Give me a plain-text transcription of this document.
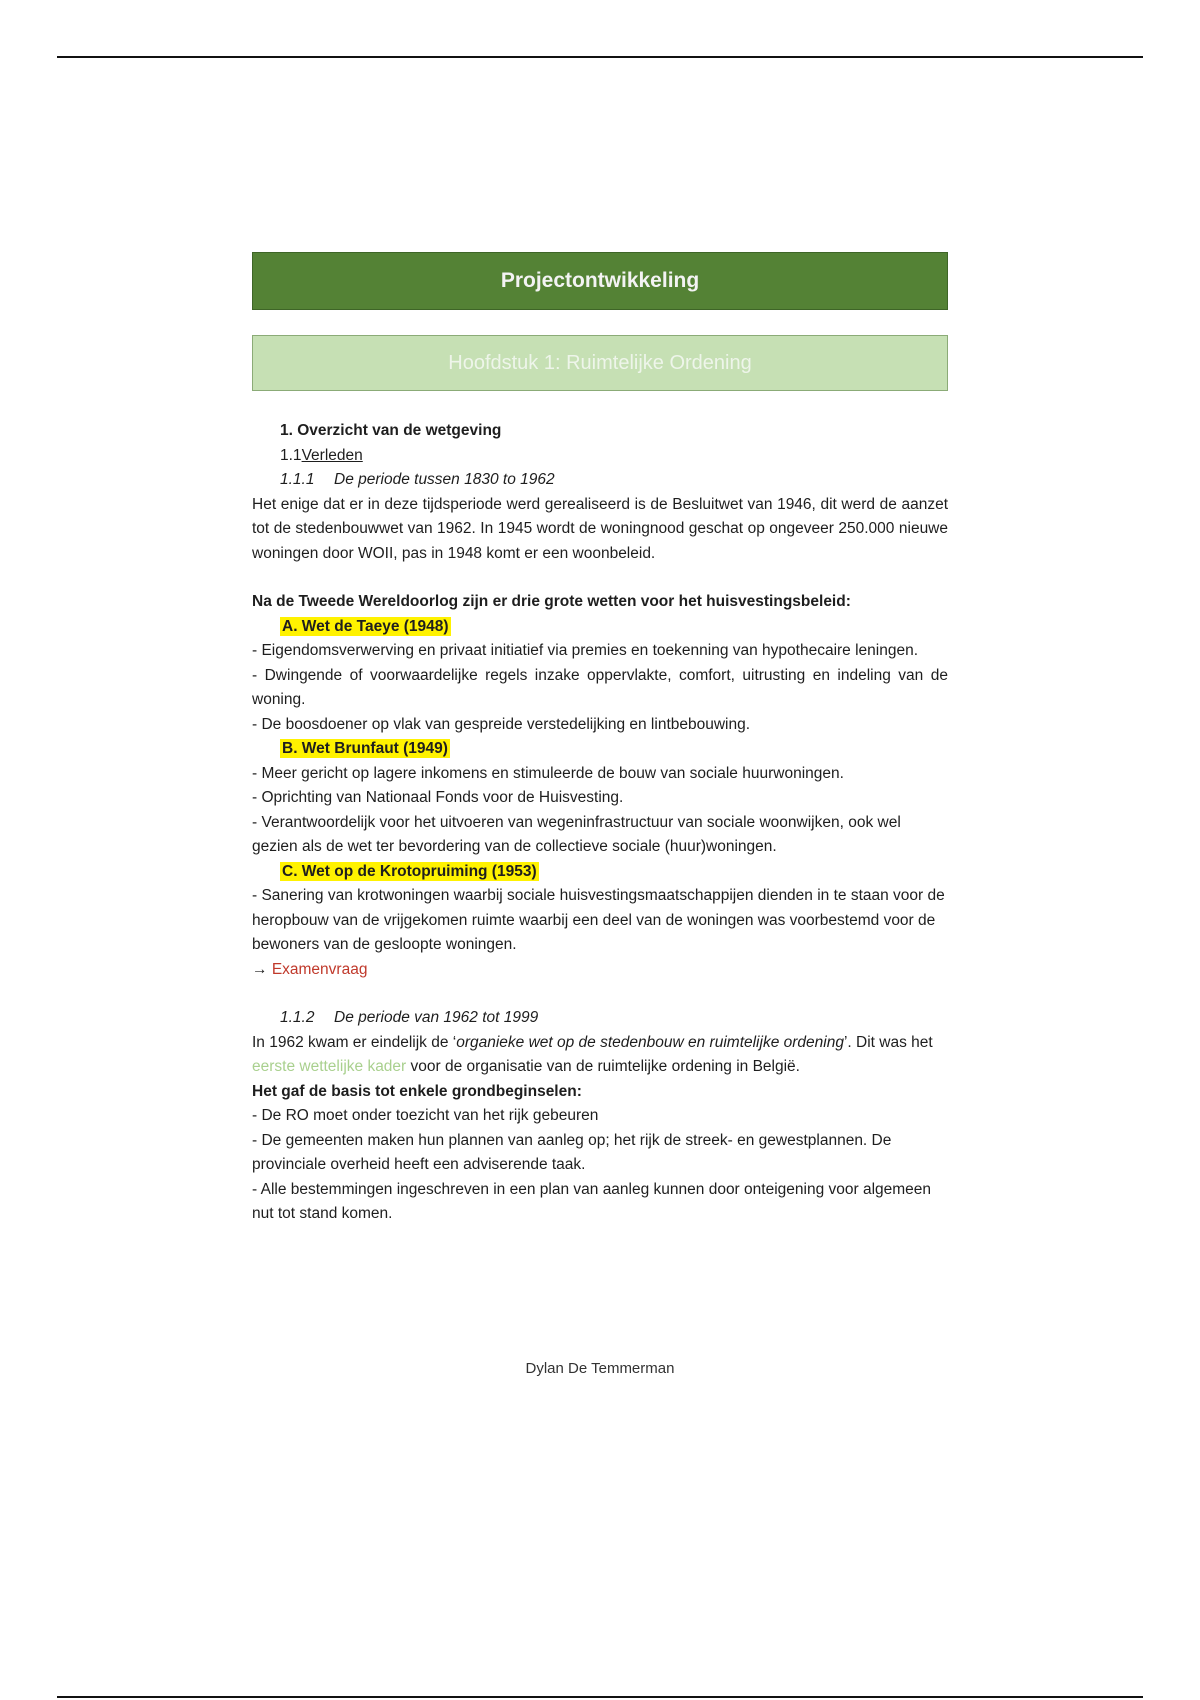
Projectontwikkeling
Hoofdstuk 1: Ruimtelijke Ordening
1. Overzicht van de wetgeving
1.1Verleden
1.1.1 De periode tussen 1830 to 1962

Het enige dat er in deze tijdsperiode werd gerealiseerd is de Besluitwet van 1946, dit werd de aanzet tot de stedenbouwwet van 1962. In 1945 wordt de woningnood geschat op ongeveer 250.000 nieuwe woningen door WOII, pas in 1948 komt er een woonbeleid.

Na de Tweede Wereldoorlog zijn er drie grote wetten voor het huisvestingsbeleid:

A. Wet de Taeye (1948)

- Eigendomsverwerving en privaat initiatief via premies en toekenning van hypothecaire leningen.

- Dwingende of voorwaardelijke regels inzake oppervlakte, comfort, uitrusting en indeling van de woning.

- De boosdoener op vlak van gespreide verstedelijking en lintbebouwing.

B. Wet Brunfaut (1949)

- Meer gericht op lagere inkomens en stimuleerde de bouw van sociale huurwoningen.

- Oprichting van Nationaal Fonds voor de Huisvesting.

- Verantwoordelijk voor het uitvoeren van wegeninfrastructuur van sociale woonwijken, ook wel gezien als de wet ter bevordering van de collectieve sociale (huur)woningen.

C. Wet op de Krotopruiming (1953)

- Sanering van krotwoningen waarbij sociale huisvestingsmaatschappijen dienden in te staan voor de heropbouw van de vrijgekomen ruimte waarbij een deel van de woningen was voorbestemd voor de bewoners van de gesloopte woningen.

→ Examenvraag
1.1.2 De periode van 1962 tot 1999

In 1962 kwam er eindelijk de ‘organieke wet op de stedenbouw en ruimtelijke ordening’. Dit was het eerste wettelijke kader voor de organisatie van de ruimtelijke ordening in België.

Het gaf de basis tot enkele grondbeginselen:

- De RO moet onder toezicht van het rijk gebeuren

- De gemeenten maken hun plannen van aanleg op; het rijk de streek- en gewestplannen. De provinciale overheid heeft een adviserende taak.

- Alle bestemmingen ingeschreven in een plan van aanleg kunnen door onteigening voor algemeen nut tot stand komen.

Dylan De Temmerman
